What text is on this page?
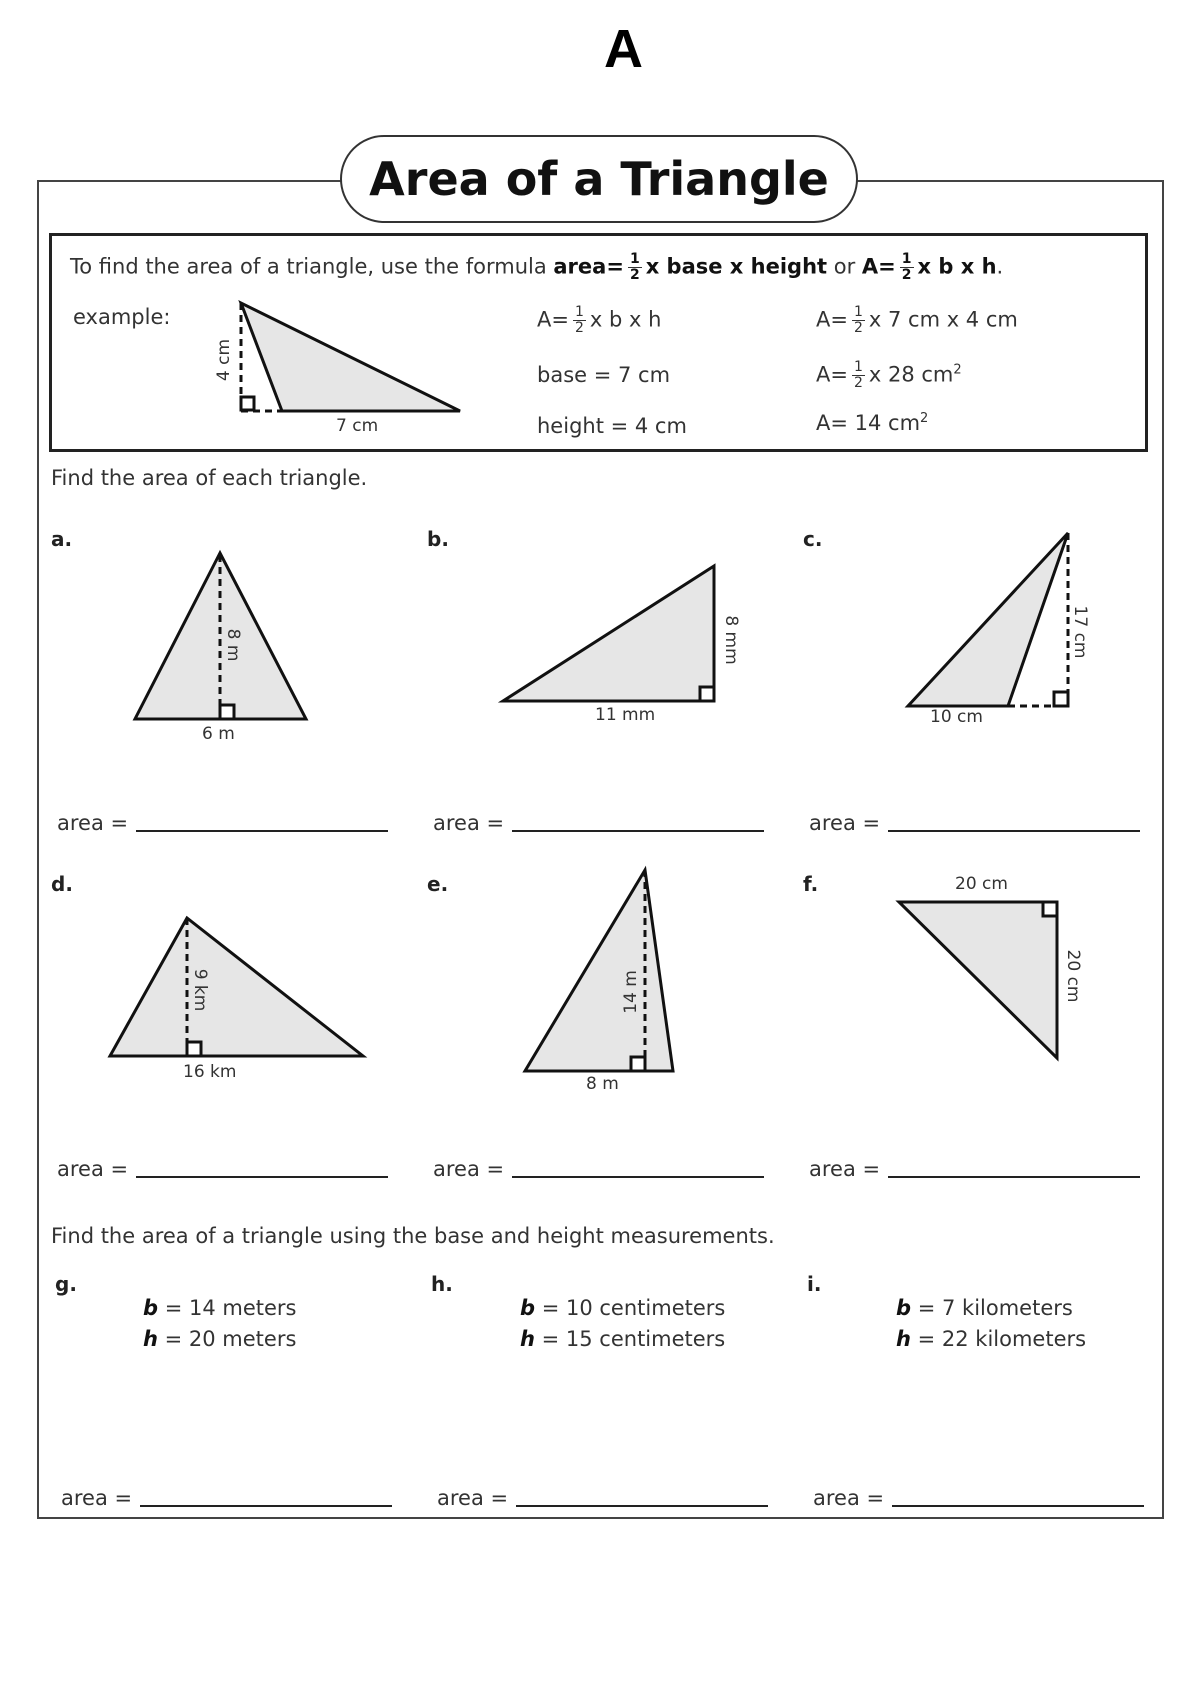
A
Area of a Triangle
To find the area of a triangle, use the formula area= $\frac{1}{2}$ x base x height or $A= \frac{1}{2}$ x b x h.
example:	$A= \frac{1}{2}$ x b x h
base = 7 cm
height = 4 cm
$A= \frac{1}{2}$ x 7 cm x 4 cm
$A= \frac{1}{2}$ x 28 $cm^2$
A= 14 $cm^2$
4 cm
8 m	8 mm	17 cm
9 km	14 m	20 cm
7 cm
Find the area of each triangle.
a.	b.	c.
d.	e.	f.
6 m
11 mm	10 cm
16 km
8 m
20 cm
area =	area =	area =
area =	area =	area =
Find the area of a triangle using the base and height measurements.
g.
b = 14 meters
h = 20 meters
h.
b = 10 centimeters
h = 15 centimeters
i.
b = 7 kilometers
h = 22 kilometers
area =	area =	area =
